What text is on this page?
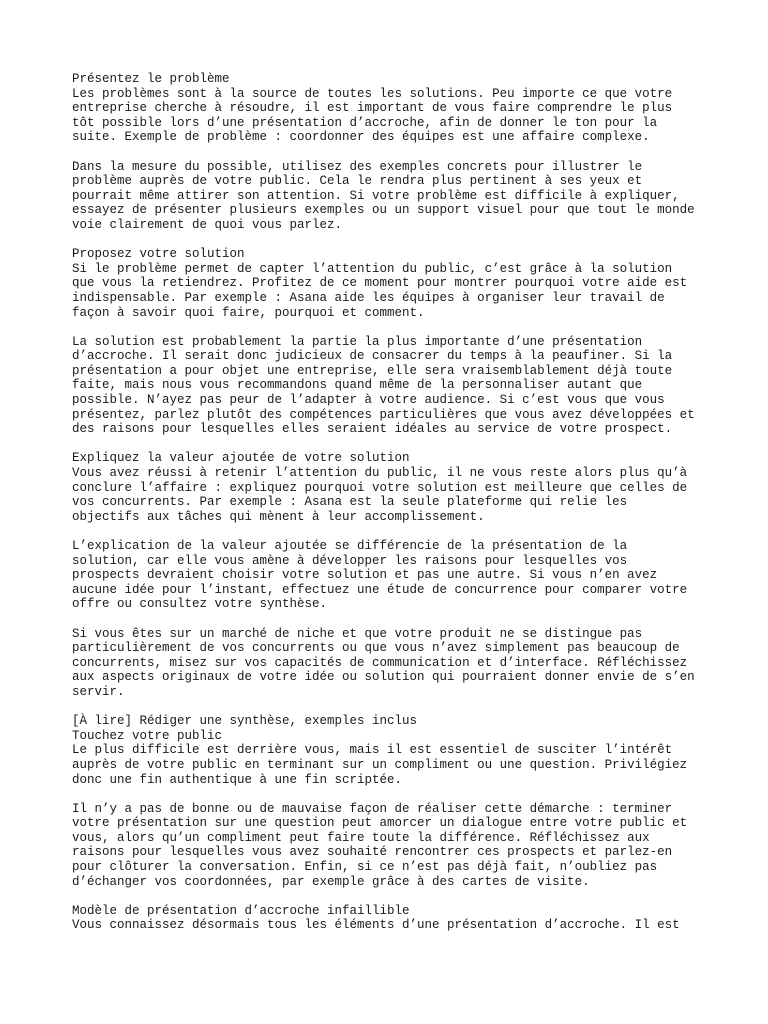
Présentez le problème
Les problèmes sont à la source de toutes les solutions. Peu importe ce que votre
entreprise cherche à résoudre, il est important de vous faire comprendre le plus
tôt possible lors d’une présentation d’accroche, afin de donner le ton pour la
suite. Exemple de problème : coordonner des équipes est une affaire complexe.
Dans la mesure du possible, utilisez des exemples concrets pour illustrer le
problème auprès de votre public. Cela le rendra plus pertinent à ses yeux et
pourrait même attirer son attention. Si votre problème est difficile à expliquer,
essayez de présenter plusieurs exemples ou un support visuel pour que tout le monde
voie clairement de quoi vous parlez.
Proposez votre solution
Si le problème permet de capter l’attention du public, c’est grâce à la solution
que vous la retiendrez. Profitez de ce moment pour montrer pourquoi votre aide est
indispensable. Par exemple : Asana aide les équipes à organiser leur travail de
façon à savoir quoi faire, pourquoi et comment.
La solution est probablement la partie la plus importante d’une présentation
d’accroche. Il serait donc judicieux de consacrer du temps à la peaufiner. Si la
présentation a pour objet une entreprise, elle sera vraisemblablement déjà toute
faite, mais nous vous recommandons quand même de la personnaliser autant que
possible. N’ayez pas peur de l’adapter à votre audience. Si c’est vous que vous
présentez, parlez plutôt des compétences particulières que vous avez développées et
des raisons pour lesquelles elles seraient idéales au service de votre prospect.
Expliquez la valeur ajoutée de votre solution
Vous avez réussi à retenir l’attention du public, il ne vous reste alors plus qu’à
conclure l’affaire : expliquez pourquoi votre solution est meilleure que celles de
vos concurrents. Par exemple : Asana est la seule plateforme qui relie les
objectifs aux tâches qui mènent à leur accomplissement.
L’explication de la valeur ajoutée se différencie de la présentation de la
solution, car elle vous amène à développer les raisons pour lesquelles vos
prospects devraient choisir votre solution et pas une autre. Si vous n’en avez
aucune idée pour l’instant, effectuez une étude de concurrence pour comparer votre
offre ou consultez votre synthèse.
Si vous êtes sur un marché de niche et que votre produit ne se distingue pas
particulièrement de vos concurrents ou que vous n’avez simplement pas beaucoup de
concurrents, misez sur vos capacités de communication et d’interface. Réfléchissez
aux aspects originaux de votre idée ou solution qui pourraient donner envie de s’en
servir.
[À lire] Rédiger une synthèse, exemples inclus
Touchez votre public
Le plus difficile est derrière vous, mais il est essentiel de susciter l’intérêt
auprès de votre public en terminant sur un compliment ou une question. Privilégiez
donc une fin authentique à une fin scriptée.
Il n’y a pas de bonne ou de mauvaise façon de réaliser cette démarche : terminer
votre présentation sur une question peut amorcer un dialogue entre votre public et
vous, alors qu’un compliment peut faire toute la différence. Réfléchissez aux
raisons pour lesquelles vous avez souhaité rencontrer ces prospects et parlez-en
pour clôturer la conversation. Enfin, si ce n’est pas déjà fait, n’oubliez pas
d’échanger vos coordonnées, par exemple grâce à des cartes de visite.
Modèle de présentation d’accroche infaillible
Vous connaissez désormais tous les éléments d’une présentation d’accroche. Il est
